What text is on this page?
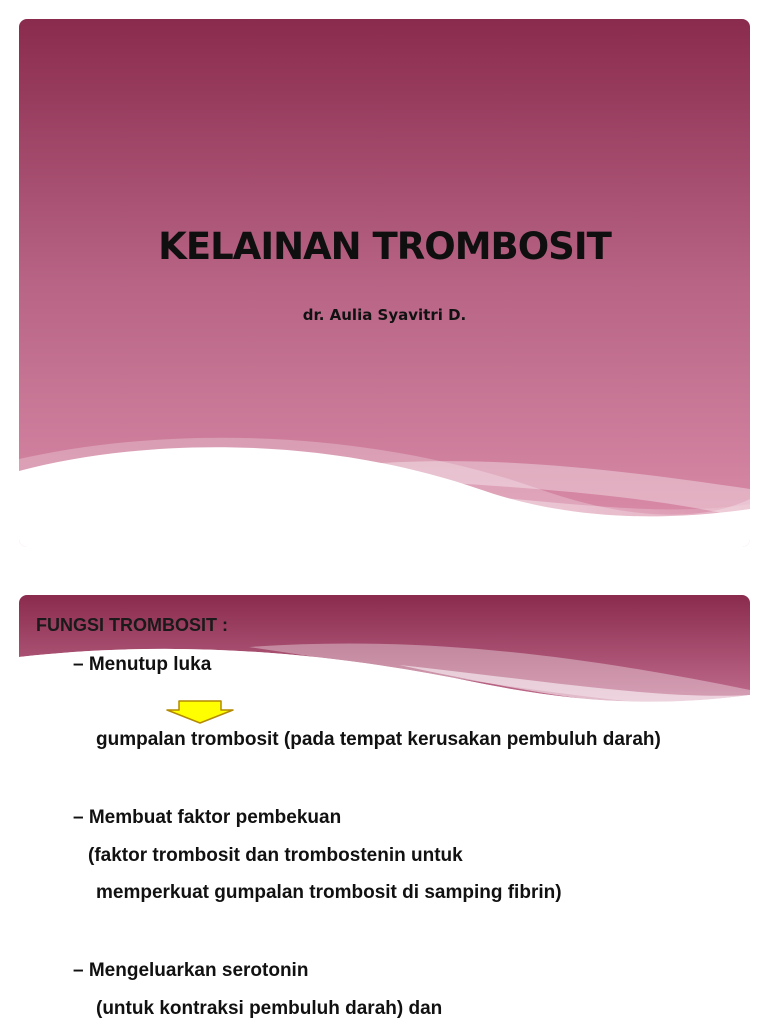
KELAINAN TROMBOSIT

dr. Aulia Syavitri D.

FUNGSI TROMBOSIT :

– Menutup luka

gumpalan trombosit (pada tempat kerusakan pembuluh darah)

– Membuat faktor pembekuan

(faktor trombosit dan trombostenin untuk

memperkuat gumpalan trombosit di samping fibrin)

– Mengeluarkan serotonin

(untuk kontraksi pembuluh darah) dan
